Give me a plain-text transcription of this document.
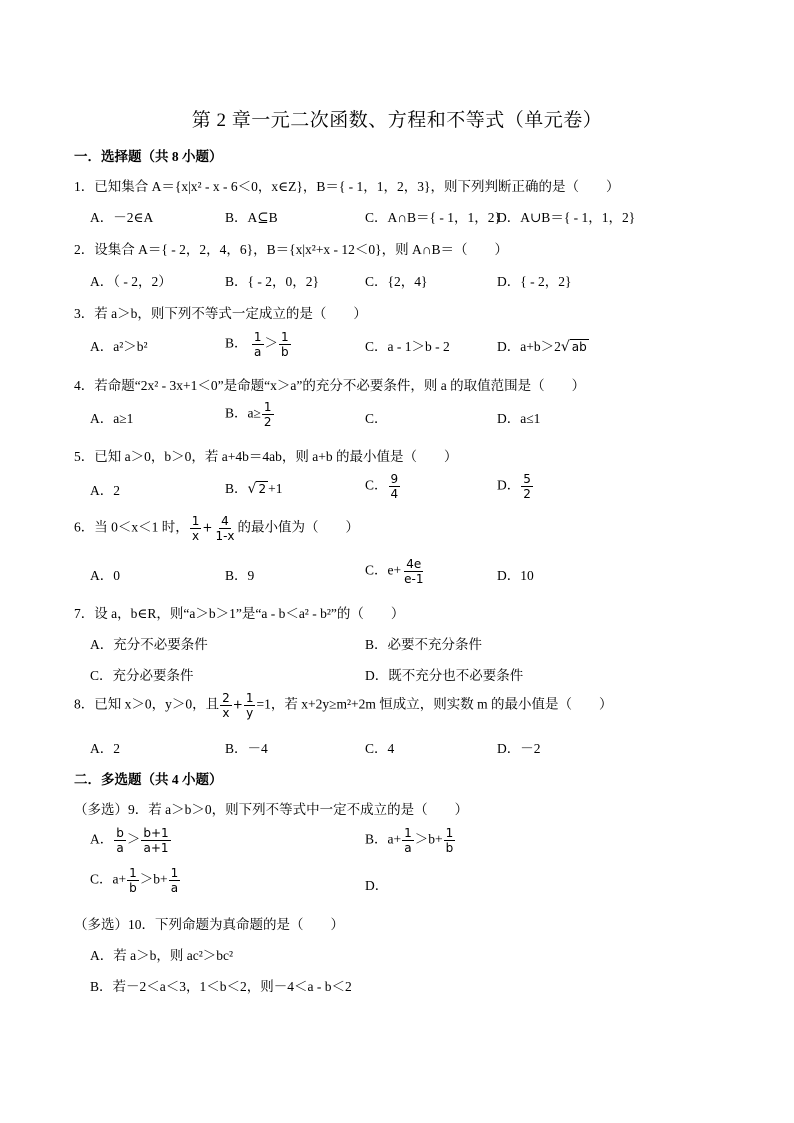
第 2 章一元二次函数、方程和不等式（单元卷）
一．选择题（共 8 小题）
1．已知集合 A＝{x|x² - x - 6＜0，x∈Z}，B＝{ - 1，1，2，3}，则下列判断正确的是（　　）
A．－2∈A	B．A⊆B	C．A∩B＝{ - 1，1，2}
D．A∪B＝{ - 1，1，2}
2．设集合 A＝{ - 2，2，4，6}，B＝{x|x²+x - 12＜0}，则 A∩B＝（　　）
A．（ - 2，2）	B．{ - 2，0，2}	C．{2，4}	D．{ - 2，2}
3．若 a＞b，则下列不等式一定成立的是（　　）
A．a²＞b²	B． $\frac{1}{a} > \frac{1}{b}$	C．a - 1＞b - 2	D．a+b＞2√ ab
4．若命题“2x² - 3x+1＜0”是命题“x＞a”的充分不必要条件，则 a 的取值范围是（　　）
A．a≥1	B．$a\ge \frac{1}{2}$	C．	D．a≤1
5．已知 a＞0，b＞0，若 a+4b＝4ab，则 a+b 的最小值是（　　）
A．2	B．√ 2 +1	C． $\frac{9}{4}$	D． $\frac{5}{2}$
6．当 0＜x＜1 时， $\frac{1}{x} + \frac{4}{1-x}$ 的最小值为（　　）
A．0	B．9	C．$e+ \frac{4e}{e-1}$	D．10
7．设 a，b∈R，则“a＞b＞1”是“a - b＜a² - b²”的（　　）
A．充分不必要条件	B．必要不充分条件
C．充分必要条件	D．既不充分也不必要条件
8．已知 x＞0，y＞0，且 $\frac{2}{x} + \frac{1}{y} =1$，若 x+2y≥m²+2m 恒成立，则实数 m 的最小值是（　　）
A．2	B．－4	C．4	D．－2
二．多选题（共 4 小题）
（多选）9．若 a＞b＞0，则下列不等式中一定不成立的是（　　）
A． $\frac{b}{a} > \frac{b+1}{a+1}$	B．$a+ \frac{1}{a} >b+ \frac{1}{b}$
C．$a+ \frac{1}{b} >b+ \frac{1}{a}$	D．
（多选）10．下列命题为真命题的是（　　）
A．若 a＞b，则 ac²＞bc²
B．若－2＜a＜3，1＜b＜2，则－4＜a - b＜2
